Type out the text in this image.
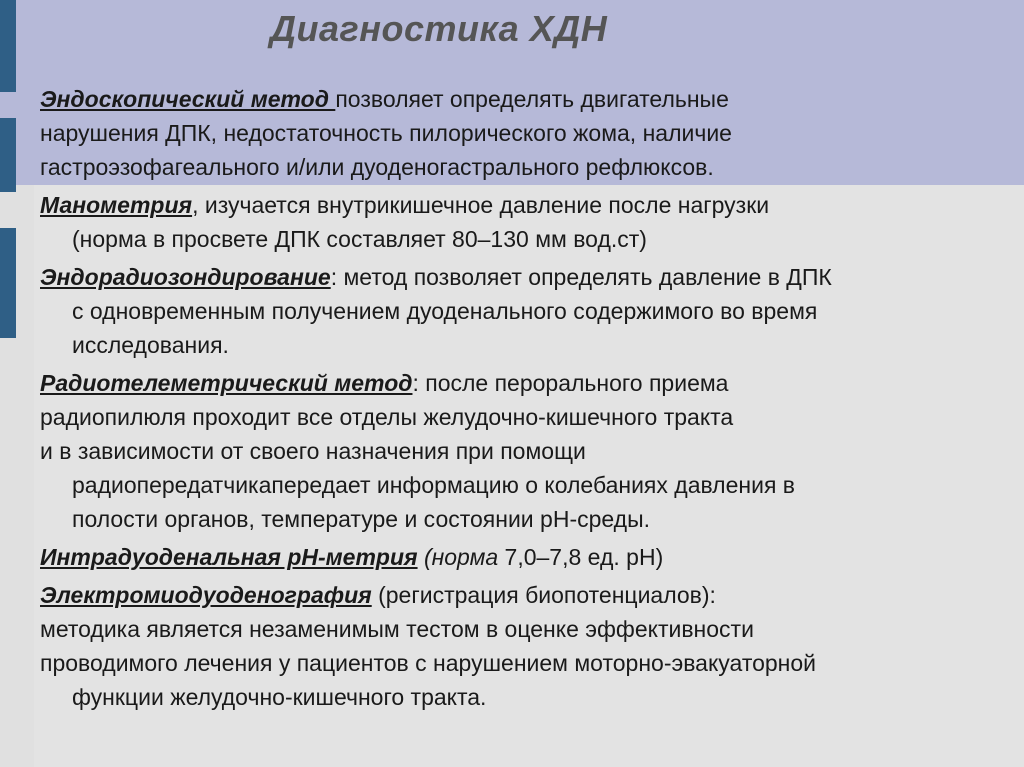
Диагностика ХДН

Эндоскопический метод позволяет определять двигательные

нарушения ДПК, недостаточность пилорического жома, наличие

гастроэзофагеального и/или дуоденогастрального рефлюксов.

Манометрия, изучается внутрикишечное давление после нагрузки

(норма в просвете ДПК составляет 80–130 мм вод.ст)

Эндорадиозондирование: метод позволяет определять давление в ДПК

с одновременным получением дуоденального содержимого во время

исследования.

Радиотелеметрический метод: после перорального приема

радиопилюля проходит все отделы желудочно-кишечного тракта

и в зависимости от своего назначения при помощи

радиопередатчикапередает информацию о колебаниях давления в

полости органов, температуре и состоянии рН-среды.

Интрадуоденальная рН-метрия (норма 7,0–7,8 ед. рН)

Электромиодуоденография (регистрация биопотенциалов):

методика является незаменимым тестом в оценке эффективности

проводимого лечения у пациентов с нарушением моторно-эвакуаторной

функции желудочно-кишечного тракта.
